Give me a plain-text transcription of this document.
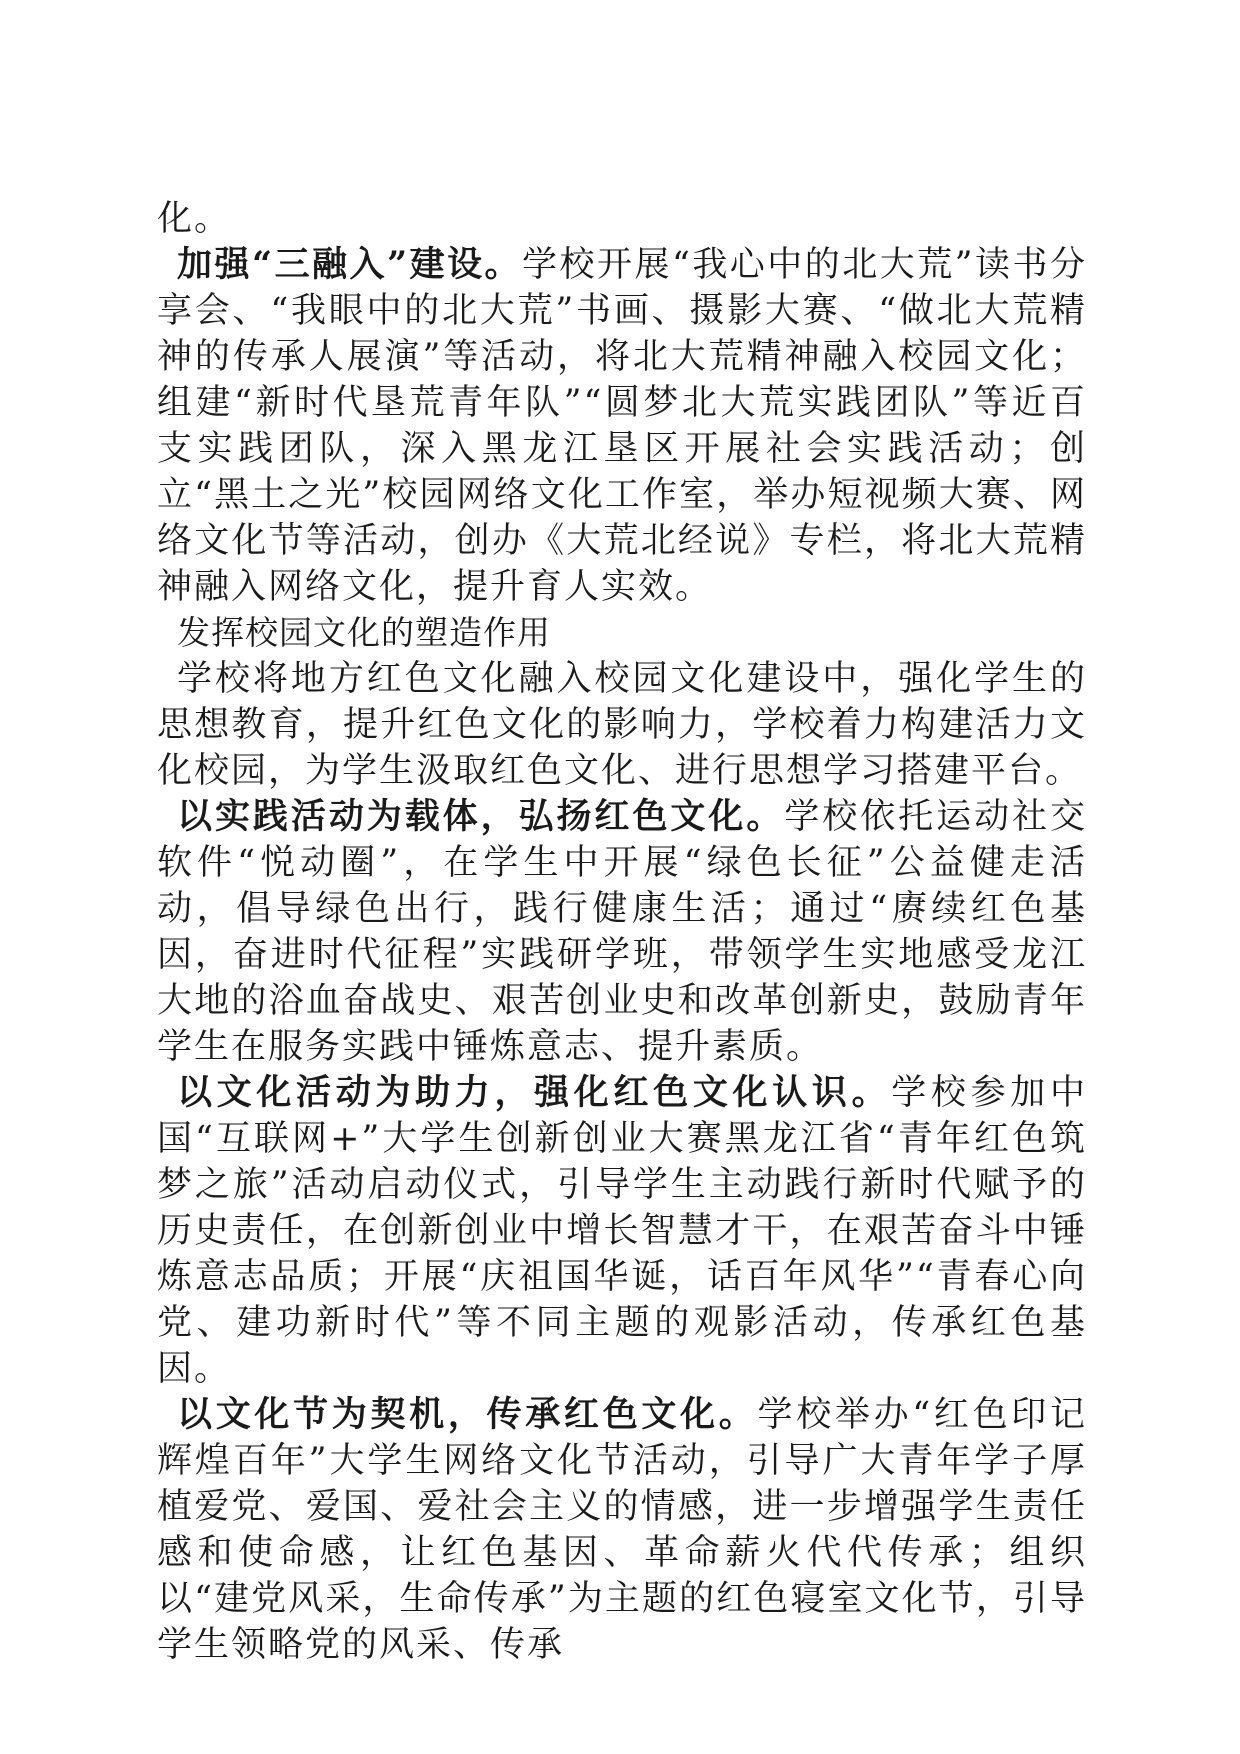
化。

加强“三融入”建设。学校开展“我心中的北大荒”读书分享会、“我眼中的北大荒”书画、摄影大赛、“做北大荒精神的传承人展演”等活动，将北大荒精神融入校园文化；组建“新时代垦荒青年队”“圆梦北大荒实践团队”等近百支实践团队，深入黑龙江垦区开展社会实践活动；创立“黑土之光”校园网络文化工作室，举办短视频大赛、网络文化节等活动，创办《大荒北经说》专栏，将北大荒精神融入网络文化，提升育人实效。

发挥校园文化的塑造作用

学校将地方红色文化融入校园文化建设中，强化学生的思想教育，提升红色文化的影响力，学校着力构建活力文化校园，为学生汲取红色文化、进行思想学习搭建平台。

以实践活动为载体，弘扬红色文化。学校依托运动社交软件“悦动圈”，在学生中开展“绿色长征”公益健走活动，倡导绿色出行，践行健康生活；通过“赓续红色基因，奋进时代征程”实践研学班，带领学生实地感受龙江大地的浴血奋战史、艰苦创业史和改革创新史，鼓励青年学生在服务实践中锤炼意志、提升素质。

以文化活动为助力，强化红色文化认识。学校参加中国“互联网+”大学生创新创业大赛黑龙江省“青年红色筑梦之旅”活动启动仪式，引导学生主动践行新时代赋予的历史责任，在创新创业中增长智慧才干，在艰苦奋斗中锤炼意志品质；开展“庆祖国华诞，话百年风华”“青春心向党、建功新时代”等不同主题的观影活动，传承红色基因。

以文化节为契机，传承红色文化。学校举办“红色印记 辉煌百年”大学生网络文化节活动，引导广大青年学子厚植爱党、爱国、爱社会主义的情感，进一步增强学生责任感和使命感，让红色基因、革命薪火代代传承；组织以“建党风采，生命传承”为主题的红色寝室文化节，引导学生领略党的风采、传承
